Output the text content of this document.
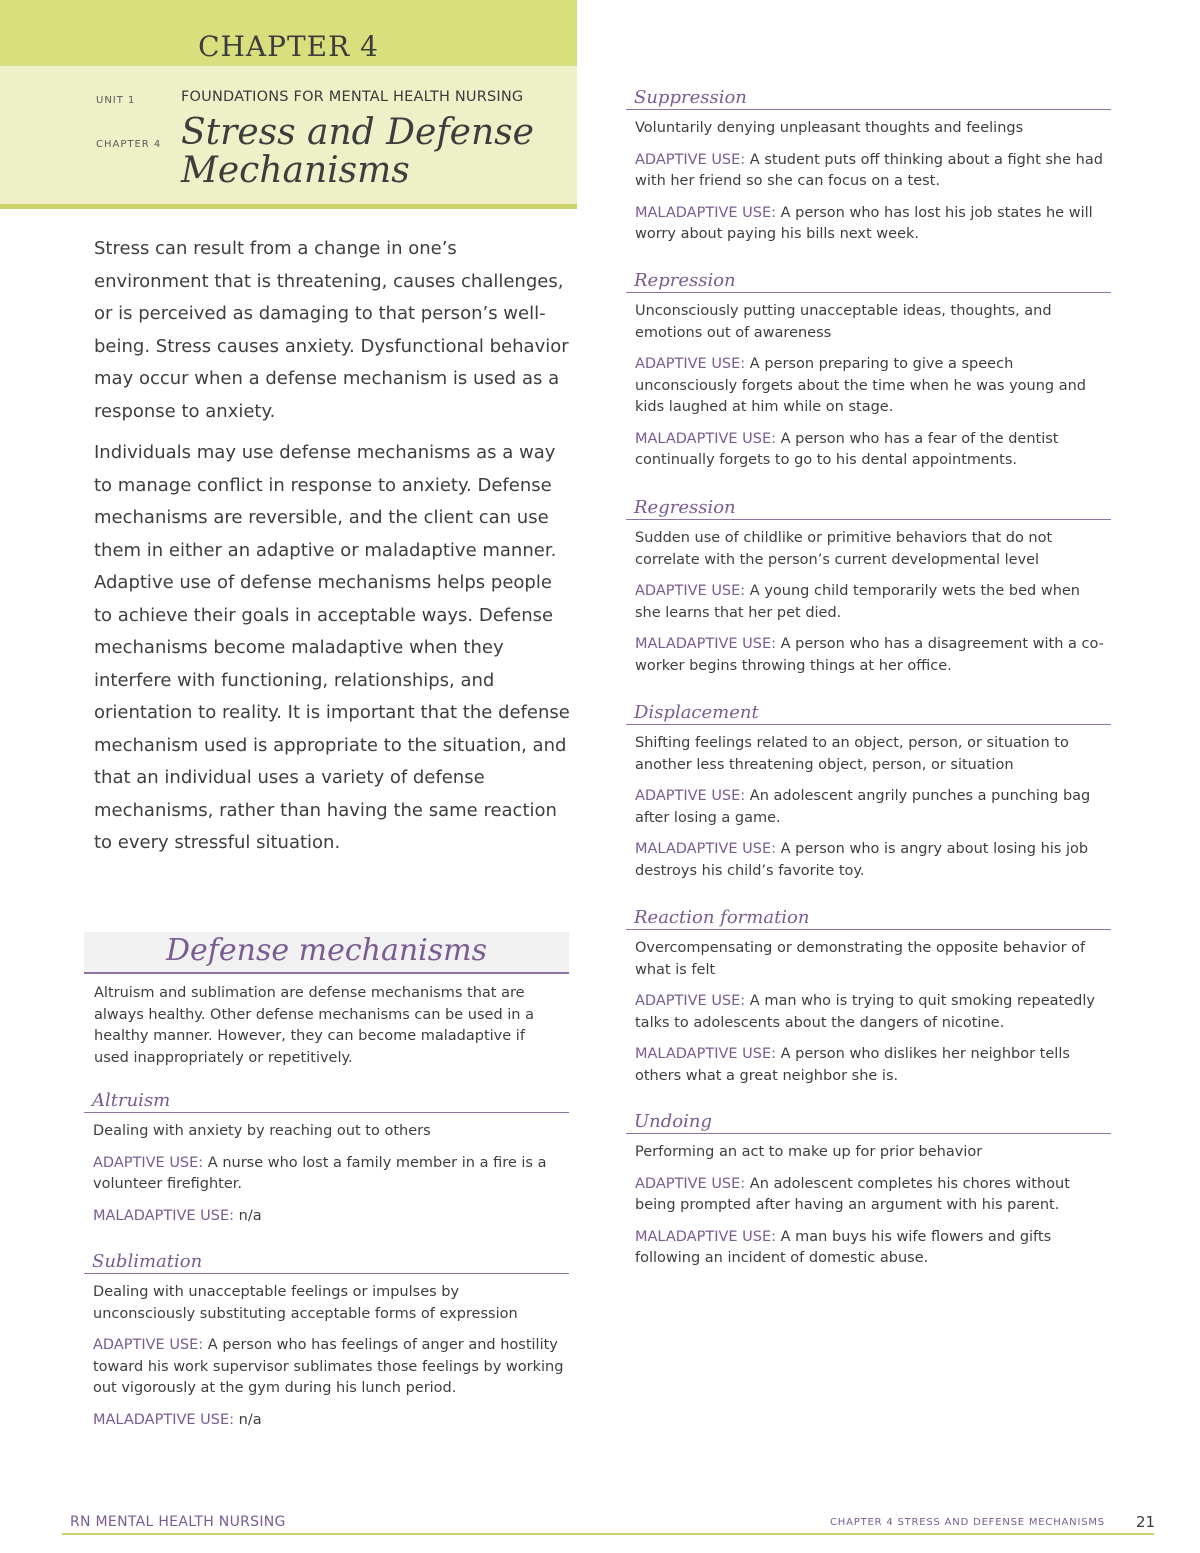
CHAPTER 4
UNIT 1
CHAPTER 4
FOUNDATIONS FOR MENTAL HEALTH NURSING
Stress and Defense
Mechanisms

Stress can result from a change in one’s environment that is threatening, causes challenges, or is perceived as damaging to that person’s well-being. Stress causes anxiety. Dysfunctional behavior may occur when a defense mechanism is used as a response to anxiety.

Individuals may use defense mechanisms as a way to manage conflict in response to anxiety. Defense mechanisms are reversible, and the client can use them in either an adaptive or maladaptive manner. Adaptive use of defense mechanisms helps people to achieve their goals in acceptable ways. Defense mechanisms become maladaptive when they interfere with functioning, relationships, and orientation to reality. It is important that the defense mechanism used is appropriate to the situation, and that an individual uses a variety of defense mechanisms, rather than having the same reaction to every stressful situation.

Defense mechanisms
Altruism and sublimation are defense mechanisms that are always healthy. Other defense mechanisms can be used in a healthy manner. However, they can become maladaptive if used inappropriately or repetitively.
Altruism
Dealing with anxiety by reaching out to others
ADAPTIVE USE: A nurse who lost a family member in a fire is a volunteer firefighter.
MALADAPTIVE USE: n/a
Sublimation
Dealing with unacceptable feelings or impulses by unconsciously substituting acceptable forms of expression
ADAPTIVE USE: A person who has feelings of anger and hostility toward his work supervisor sublimates those feelings by working out vigorously at the gym during his lunch period.
MALADAPTIVE USE: n/a
Suppression
Voluntarily denying unpleasant thoughts and feelings
ADAPTIVE USE: A student puts off thinking about a fight she had with her friend so she can focus on a test.
MALADAPTIVE USE: A person who has lost his job states he will worry about paying his bills next week.
Repression
Unconsciously putting unacceptable ideas, thoughts, and emotions out of awareness
ADAPTIVE USE: A person preparing to give a speech unconsciously forgets about the time when he was young and kids laughed at him while on stage.
MALADAPTIVE USE: A person who has a fear of the dentist continually forgets to go to his dental appointments.
Regression
Sudden use of childlike or primitive behaviors that do not correlate with the person’s current developmental level
ADAPTIVE USE: A young child temporarily wets the bed when she learns that her pet died.
MALADAPTIVE USE: A person who has a disagreement with a co-worker begins throwing things at her office.
Displacement
Shifting feelings related to an object, person, or situation to another less threatening object, person, or situation
ADAPTIVE USE: An adolescent angrily punches a punching bag after losing a game.
MALADAPTIVE USE: A person who is angry about losing his job destroys his child’s favorite toy.
Reaction formation
Overcompensating or demonstrating the opposite behavior of what is felt
ADAPTIVE USE: A man who is trying to quit smoking repeatedly talks to adolescents about the dangers of nicotine.
MALADAPTIVE USE: A person who dislikes her neighbor tells others what a great neighbor she is.
Undoing
Performing an act to make up for prior behavior
ADAPTIVE USE: An adolescent completes his chores without being prompted after having an argument with his parent.
MALADAPTIVE USE: A man buys his wife flowers and gifts following an incident of domestic abuse.
RN MENTAL HEALTH NURSING	CHAPTER 4 STRESS AND DEFENSE MECHANISMS 21
